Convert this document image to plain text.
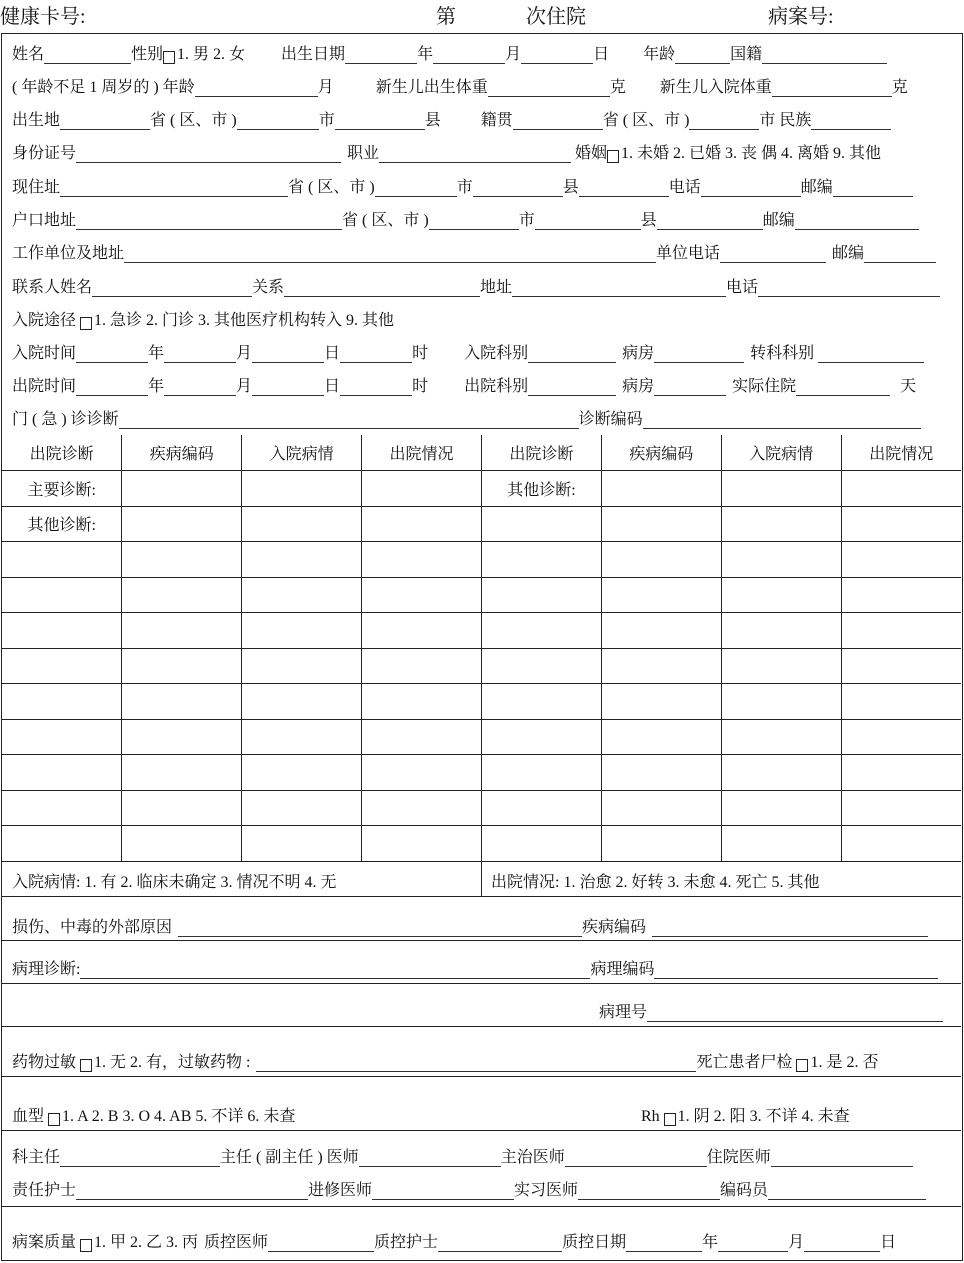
健康卡号:	第	次住院	病案号:
姓名	性别 1. 男 2. 女 出生日期	年	月	日 年龄	国籍
( 年龄不足 1 周岁的 ) 年龄	月	新生儿出生体重	克 新生儿入院体重	克
出生地	省 ( 区、市 )	市	县	籍贯	省 ( 区、市 )	市 民族
身份证号	职业	婚姻 1. 未婚 2. 已婚 3. 丧 偶 4. 离婚 9. 其他
现住址	省 ( 区、市 )	市	县	电话	邮编
户口地址	省 ( 区、市 )	市	县	邮编
工作单位及地址	单位电话	邮编
联系人姓名	关系	地址	电话
入院途径 1. 急诊 2. 门诊 3. 其他医疗机构转入 9. 其他
入院时间	年	月	日	时 入院科别	病房	转科科别
出院时间	年	月	日	时 出院科别	病房	实际住院	天
门 ( 急 ) 诊诊断	诊断编码
出院诊断	疾病编码	入院病情	出院情况	出院诊断	疾病编码	入院病情	出院情况
主要诊断:				其他诊断:			
其他诊断:							

入院病情: 1. 有 2. 临床未确定 3. 情况不明 4. 无	出院情况: 1. 治愈 2. 好转 3. 未愈 4. 死亡 5. 其他
损伤、中毒的外部原因	疾病编码
病理诊断:	病理编码
病理号
药物过敏 1. 无 2. 有，过敏药物 :	死亡患者尸检 1. 是 2. 否
血型 1. A 2. B 3. O 4. AB 5. 不详 6. 未查	Rh 1. 阴 2. 阳 3. 不详 4. 未查
科主任	主任 ( 副主任 ) 医师	主治医师	住院医师
责任护士	进修医师	实习医师	编码员
病案质量 1. 甲 2. 乙 3. 丙 质控医师	质控护士	质控日期	年	月	日
